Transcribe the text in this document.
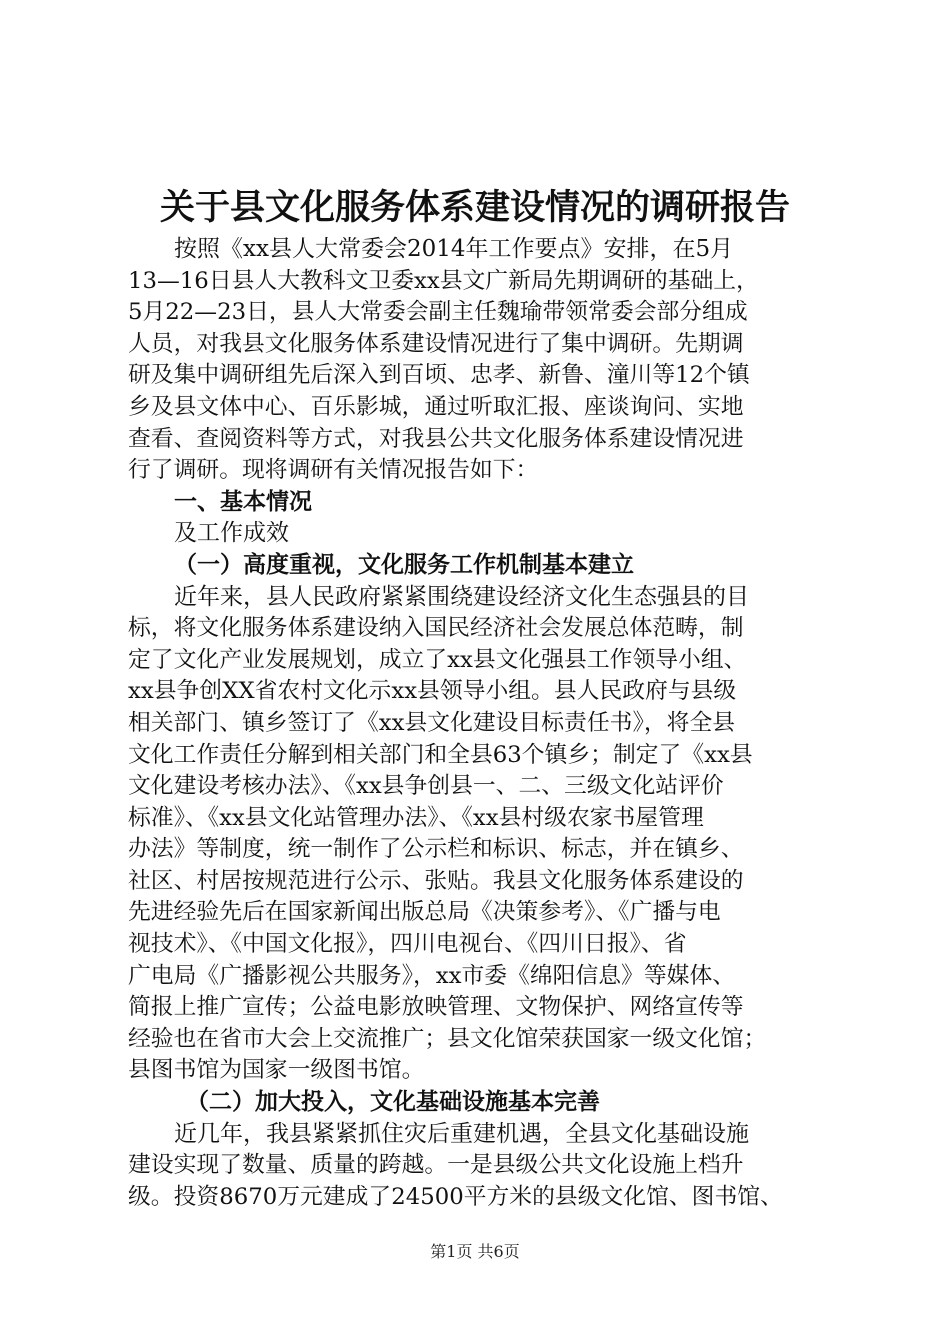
关于县文化服务体系建设情况的调研报告
按照《xx县人大常委会2014年工作要点》安排，在5月
13—16日县人大教科文卫委xx县文广新局先期调研的基础上，
5月22—23日，县人大常委会副主任魏瑜带领常委会部分组成
人员，对我县文化服务体系建设情况进行了集中调研。先期调
研及集中调研组先后深入到百顷、忠孝、新鲁、潼川等12个镇
乡及县文体中心、百乐影城，通过听取汇报、座谈询问、实地
查看、查阅资料等方式，对我县公共文化服务体系建设情况进
行了调研。现将调研有关情况报告如下：
一、基本情况
及工作成效
（一）高度重视，文化服务工作机制基本建立
近年来，县人民政府紧紧围绕建设经济文化生态强县的目
标，将文化服务体系建设纳入国民经济社会发展总体范畴，制
定了文化产业发展规划，成立了xx县文化强县工作领导小组、
xx县争创XX省农村文化示xx县领导小组。县人民政府与县级
相关部门、镇乡签订了《xx县文化建设目标责任书》，将全县
文化工作责任分解到相关部门和全县63个镇乡；制定了《xx县
文化建设考核办法》、《xx县争创县一、二、三级文化站评价
标准》、《xx县文化站管理办法》、《xx县村级农家书屋管理
办法》等制度，统一制作了公示栏和标识、标志，并在镇乡、
社区、村居按规范进行公示、张贴。我县文化服务体系建设的
先进经验先后在国家新闻出版总局《决策参考》、《广播与电
视技术》、《中国文化报》，四川电视台、《四川日报》、省
广电局《广播影视公共服务》，xx市委《绵阳信息》等媒体、
简报上推广宣传；公益电影放映管理、文物保护、网络宣传等
经验也在省市大会上交流推广；县文化馆荣获国家一级文化馆；
县图书馆为国家一级图书馆。
（二）加大投入，文化基础设施基本完善
近几年，我县紧紧抓住灾后重建机遇，全县文化基础设施
建设实现了数量、质量的跨越。一是县级公共文化设施上档升
级。投资8670万元建成了24500平方米的县级文化馆、图书馆、
第1页 共6页
